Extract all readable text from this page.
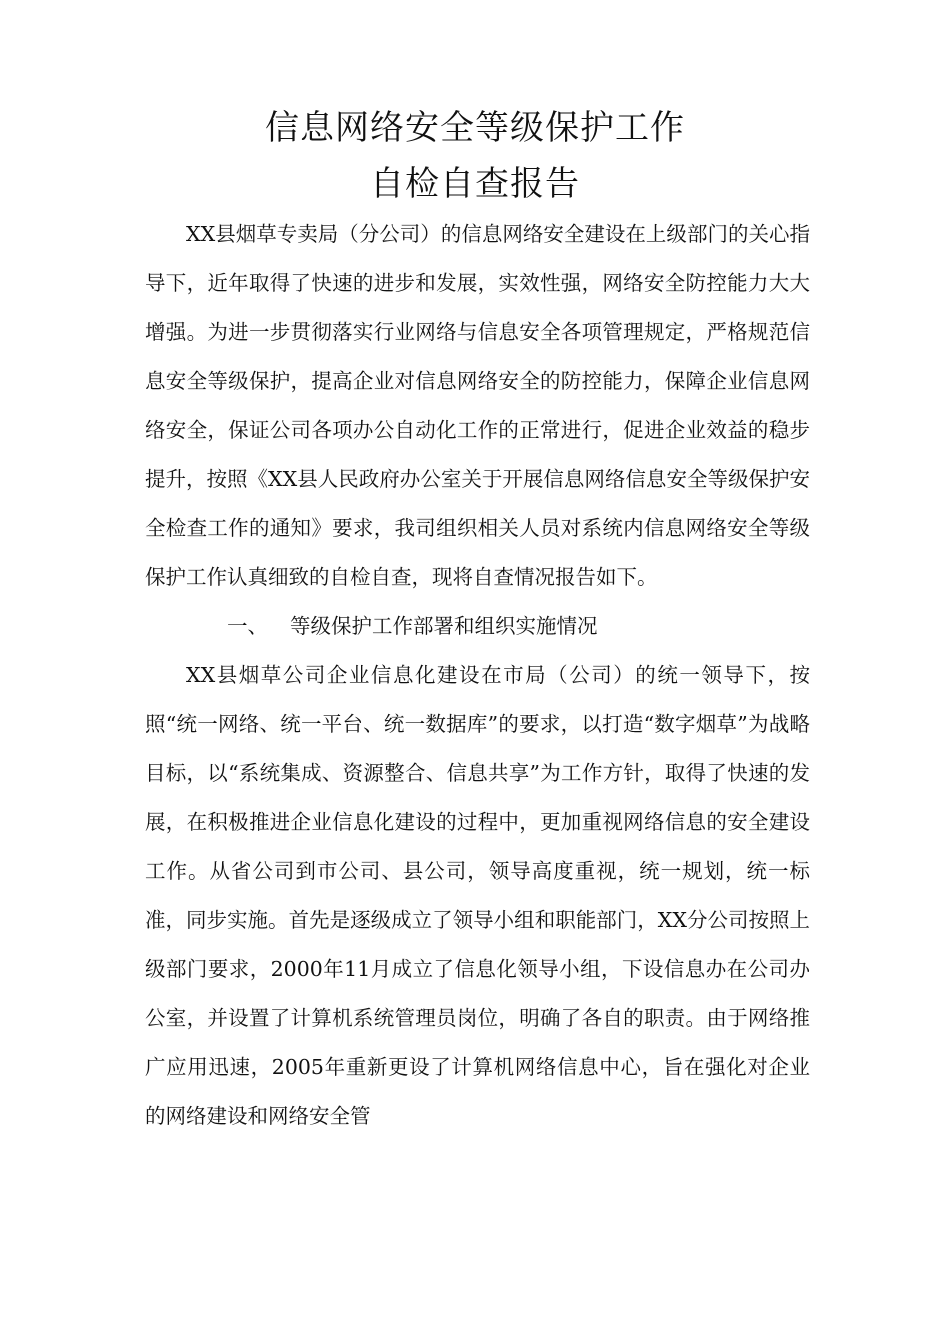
信息网络安全等级保护工作
自检自查报告

XX县烟草专卖局（分公司）的信息网络安全建设在上级部门的关心指导下，近年取得了快速的进步和发展，实效性强，网络安全防控能力大大增强。为进一步贯彻落实行业网络与信息安全各项管理规定，严格规范信息安全等级保护，提高企业对信息网络安全的防控能力，保障企业信息网络安全，保证公司各项办公自动化工作的正常进行，促进企业效益的稳步提升，按照《XX县人民政府办公室关于开展信息网络信息安全等级保护安全检查工作的通知》要求，我司组织相关人员对系统内信息网络安全等级保护工作认真细致的自检自查，现将自查情况报告如下。

一、 等级保护工作部署和组织实施情况

XX县烟草公司企业信息化建设在市局（公司）的统一领导下，按照“统一网络、统一平台、统一数据库”的要求，以打造“数字烟草”为战略目标，以“系统集成、资源整合、信息共享”为工作方针，取得了快速的发展，在积极推进企业信息化建设的过程中，更加重视网络信息的安全建设工作。从省公司到市公司、县公司，领导高度重视，统一规划，统一标准，同步实施。首先是逐级成立了领导小组和职能部门，XX分公司按照上级部门要求，2000年11月成立了信息化领导小组，下设信息办在公司办公室，并设置了计算机系统管理员岗位，明确了各自的职责。由于网络推广应用迅速，2005年重新更设了计算机网络信息中心，旨在强化对企业的网络建设和网络安全管
